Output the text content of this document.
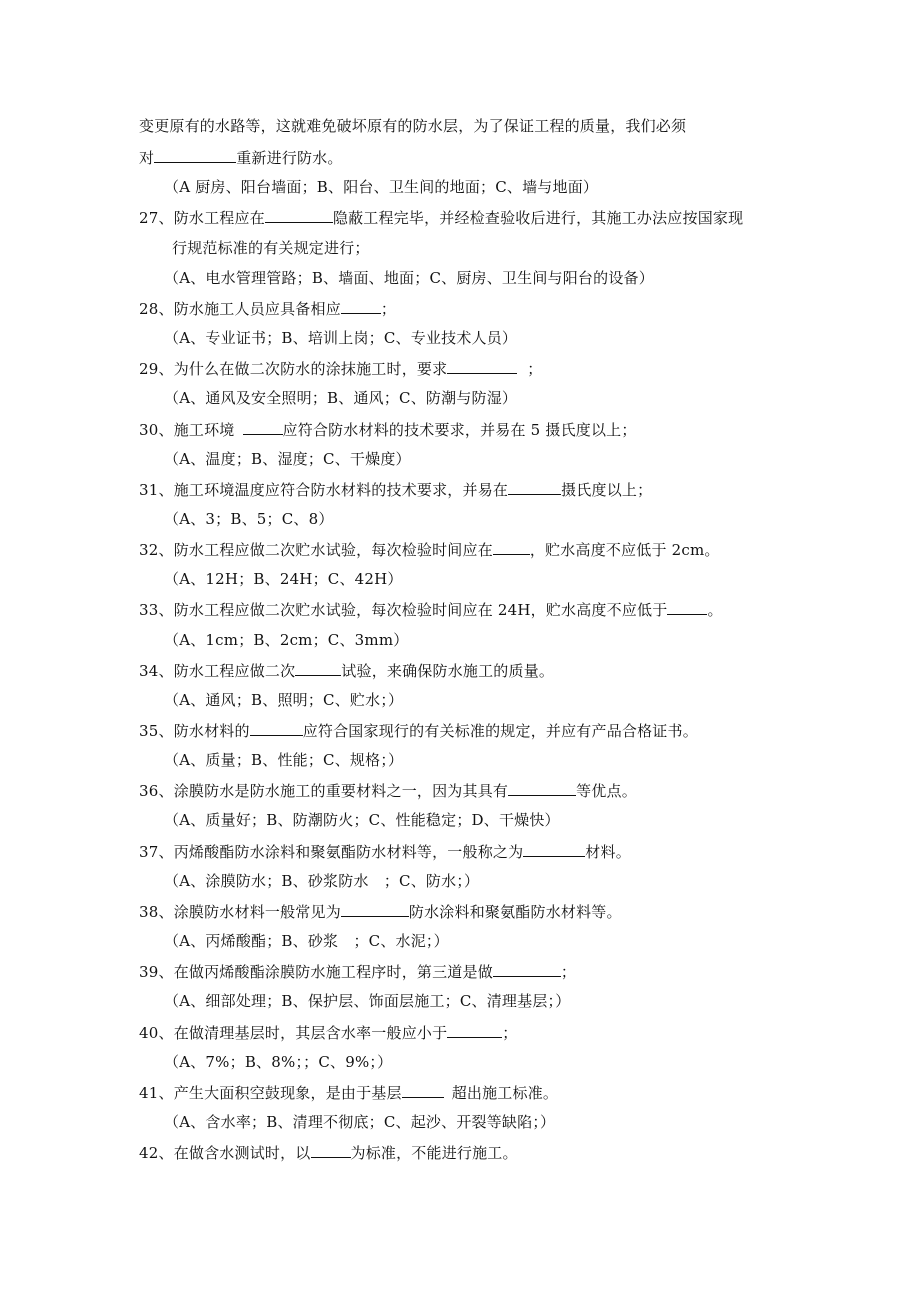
变更原有的水路等，这就难免破坏原有的防水层，为了保证工程的质量，我们必须
对	重新进行防水。
（A 厨房、阳台墙面；B、阳台、卫生间的地面；C、墙与地面）
27、防水工程应在	隐蔽工程完毕，并经检查验收后进行，其施工办法应按国家现
行规范标准的有关规定进行；
（A、电水管理管路；B、墙面、地面；C、厨房、卫生间与阳台的设备）
28、防水施工人员应具备相应	；
（A、专业证书；B、培训上岗；C、专业技术人员）
29、为什么在做二次防水的涂抹施工时，要求	；
（A、通风及安全照明；B、通风；C、防潮与防湿）
30、施工环境	应符合防水材料的技术要求，并易在 5 摄氏度以上；
（A、温度；B、湿度；C、干燥度）
31、施工环境温度应符合防水材料的技术要求，并易在	摄氏度以上；
（A、3；B、5；C、8）
32、防水工程应做二次贮水试验，每次检验时间应在 ，贮水高度不应低于 2cm。
（A、12H；B、24H；C、42H）
33、防水工程应做二次贮水试验，每次检验时间应在 24H，贮水高度不应低于	。
（A、1cm；B、2cm；C、3mm）
34、防水工程应做二次	试验，来确保防水施工的质量。
（A、通风；B、照明；C、贮水；）
35、防水材料的	应符合国家现行的有关标准的规定，并应有产品合格证书。
（A、质量；B、性能；C、规格；）
36、涂膜防水是防水施工的重要材料之一，因为其具有	等优点。
（A、质量好；B、防潮防火；C、性能稳定；D、干燥快）
37、丙烯酸酯防水涂料和聚氨酯防水材料等，一般称之为	材料。
（A、涂膜防水；B、砂浆防水　；C、防水；）
38、涂膜防水材料一般常见为	防水涂料和聚氨酯防水材料等。
（A、丙烯酸酯；B、砂浆　；C、水泥；）
39、在做丙烯酸酯涂膜防水施工程序时，第三道是做	；
（A、细部处理；B、保护层、饰面层施工；C、清理基层；）
40、在做清理基层时，其层含水率一般应小于	；
（A、7%；B、8%；；C、9%；）
41、产生大面积空鼓现象，是由于基层	超出施工标准。
（A、含水率；B、清理不彻底；C、起沙、开裂等缺陷；）
42、在做含水测试时，以	为标准，不能进行施工。
